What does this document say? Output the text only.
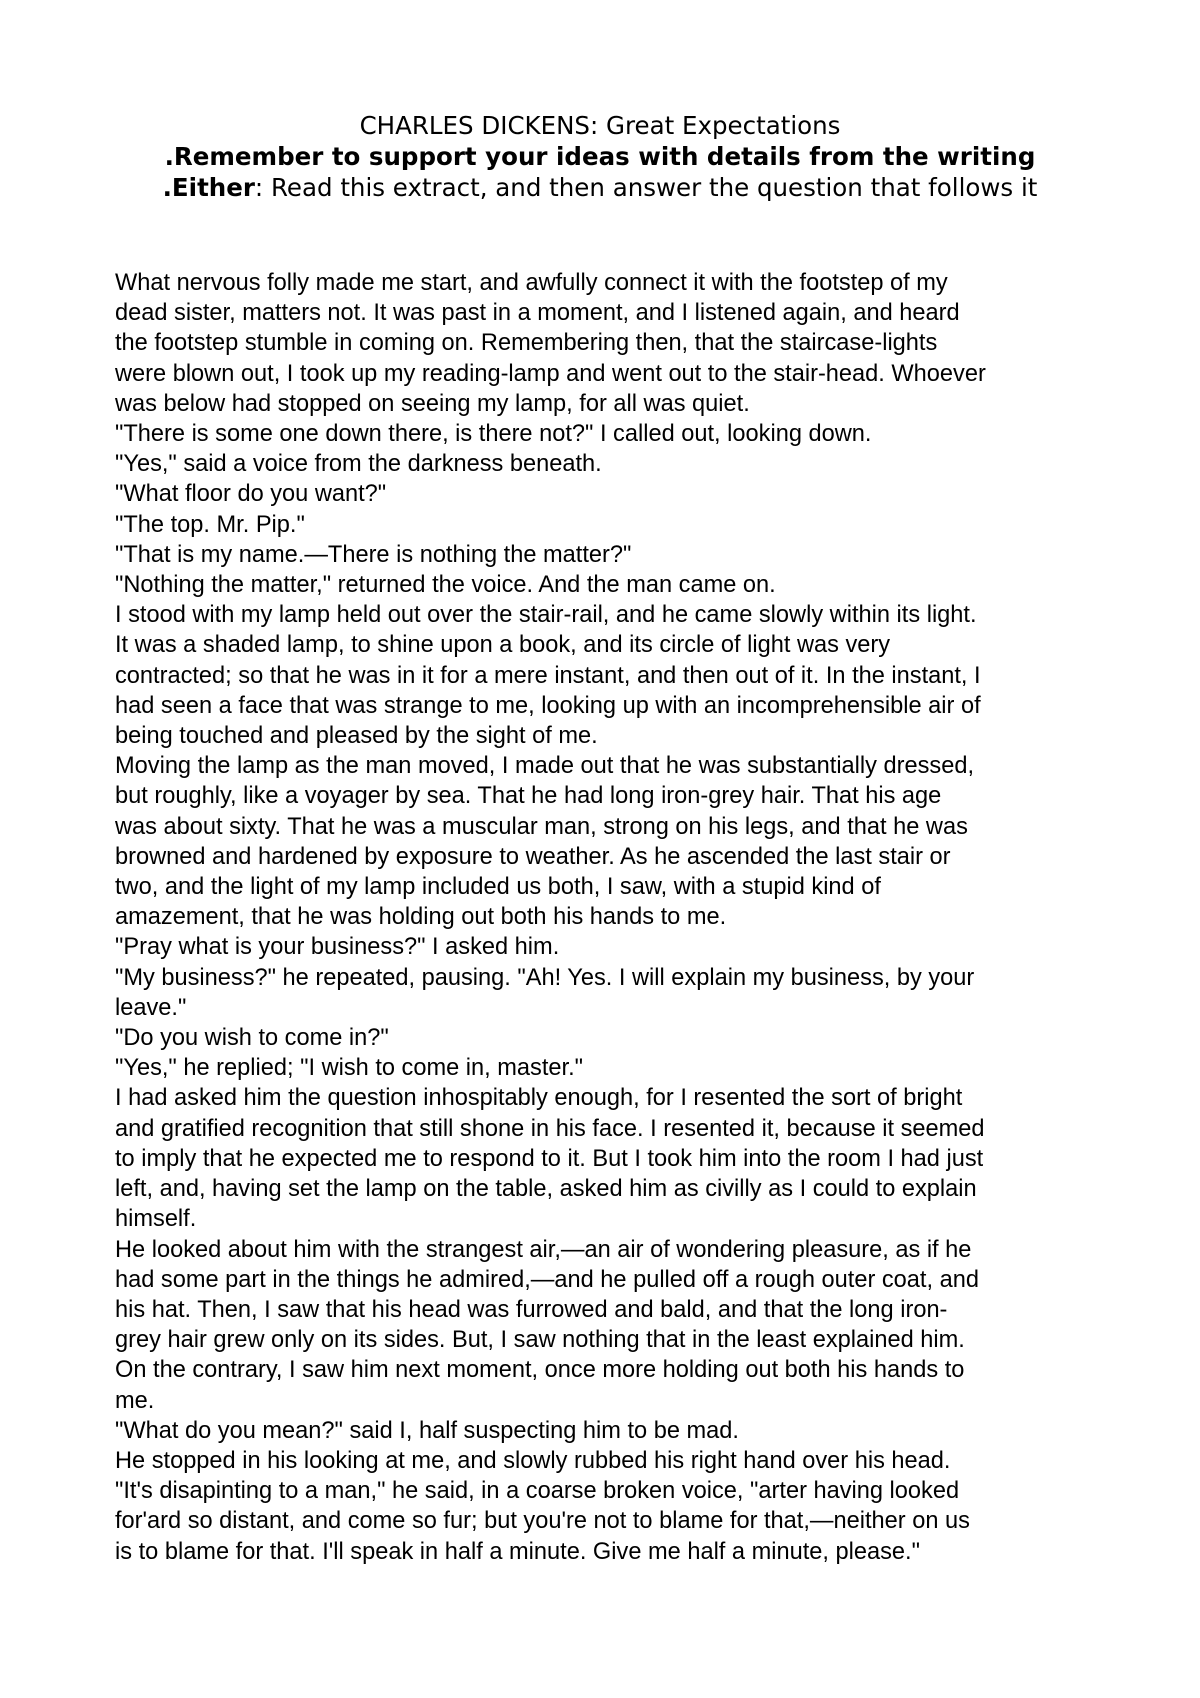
CHARLES DICKENS: Great Expectations
.Remember to support your ideas with details from the writing
.Either: Read this extract, and then answer the question that follows it
What nervous folly made me start, and awfully connect it with the footstep of my
dead sister, matters not. It was past in a moment, and I listened again, and heard
the footstep stumble in coming on. Remembering then, that the staircase-lights
were blown out, I took up my reading-lamp and went out to the stair-head. Whoever
was below had stopped on seeing my lamp, for all was quiet.
"There is some one down there, is there not?" I called out, looking down.
"Yes," said a voice from the darkness beneath.
"What floor do you want?"
"The top. Mr. Pip."
"That is my name.—There is nothing the matter?"
"Nothing the matter," returned the voice. And the man came on.
I stood with my lamp held out over the stair-rail, and he came slowly within its light.
It was a shaded lamp, to shine upon a book, and its circle of light was very
contracted; so that he was in it for a mere instant, and then out of it. In the instant, I
had seen a face that was strange to me, looking up with an incomprehensible air of
being touched and pleased by the sight of me.
Moving the lamp as the man moved, I made out that he was substantially dressed,
but roughly, like a voyager by sea. That he had long iron-grey hair. That his age
was about sixty. That he was a muscular man, strong on his legs, and that he was
browned and hardened by exposure to weather. As he ascended the last stair or
two, and the light of my lamp included us both, I saw, with a stupid kind of
amazement, that he was holding out both his hands to me.
"Pray what is your business?" I asked him.
"My business?" he repeated, pausing. "Ah! Yes. I will explain my business, by your
leave."
"Do you wish to come in?"
"Yes," he replied; "I wish to come in, master."
I had asked him the question inhospitably enough, for I resented the sort of bright
and gratified recognition that still shone in his face. I resented it, because it seemed
to imply that he expected me to respond to it. But I took him into the room I had just
left, and, having set the lamp on the table, asked him as civilly as I could to explain
himself.
He looked about him with the strangest air,—an air of wondering pleasure, as if he
had some part in the things he admired,—and he pulled off a rough outer coat, and
his hat. Then, I saw that his head was furrowed and bald, and that the long iron-
grey hair grew only on its sides. But, I saw nothing that in the least explained him.
On the contrary, I saw him next moment, once more holding out both his hands to
me.
"What do you mean?" said I, half suspecting him to be mad.
He stopped in his looking at me, and slowly rubbed his right hand over his head.
"It's disapinting to a man," he said, in a coarse broken voice, "arter having looked
for'ard so distant, and come so fur; but you're not to blame for that,—neither on us
is to blame for that. I'll speak in half a minute. Give me half a minute, please."
